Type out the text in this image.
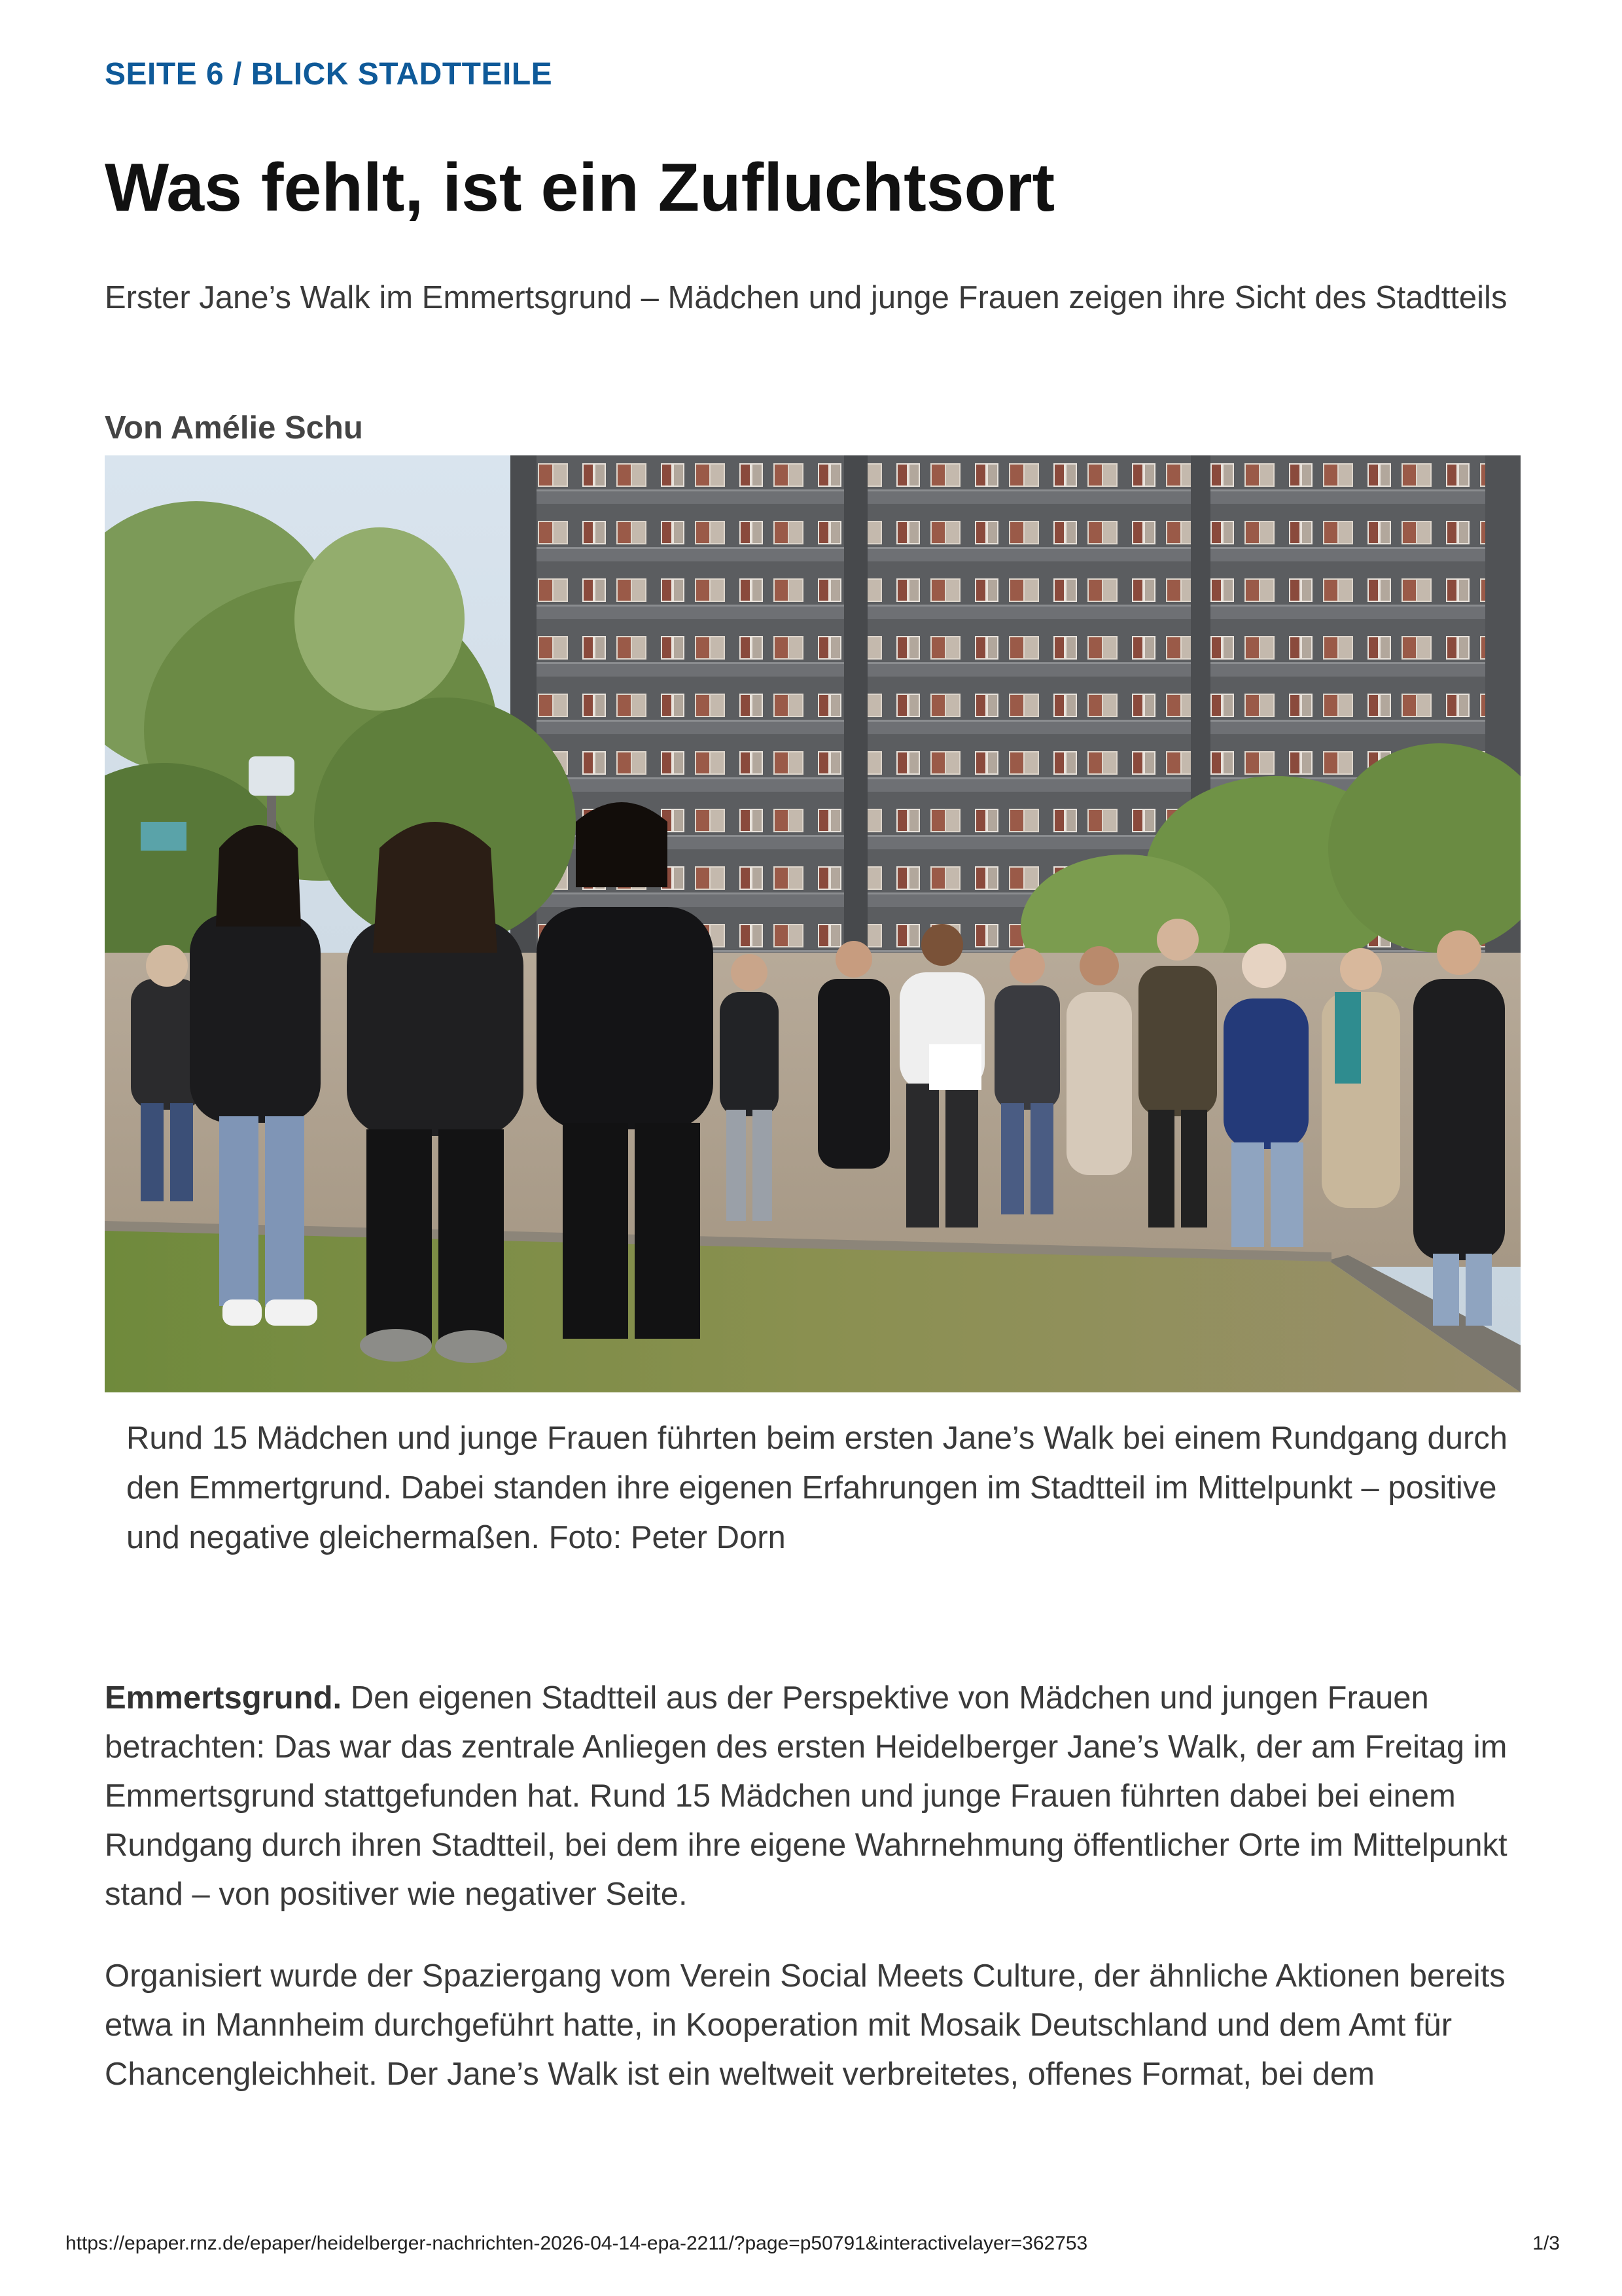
SEITE 6 / BLICK STADTTEILE
Was fehlt, ist ein Zufluchtsort

Erster Jane’s Walk im Emmertsgrund – Mädchen und junge Frauen zeigen ihre Sicht des Stadtteils

Von Amélie Schu

Rund 15 Mädchen und junge Frauen führten beim ersten Jane’s Walk bei einem Rundgang durch den Emmertgrund. Dabei standen ihre eigenen Erfahrungen im Stadtteil im Mittelpunkt – positive und negative gleichermaßen. Foto: Peter Dorn

Emmertsgrund. Den eigenen Stadtteil aus der Perspektive von Mädchen und jungen Frauen betrachten: Das war das zentrale Anliegen des ersten Heidelberger Jane’s Walk, der am Freitag im Emmertsgrund stattgefunden hat. Rund 15 Mädchen und junge Frauen führten dabei bei einem Rundgang durch ihren Stadtteil, bei dem ihre eigene Wahrnehmung öffentlicher Orte im Mittelpunkt stand – von positiver wie negativer Seite.

Organisiert wurde der Spaziergang vom Verein Social Meets Culture, der ähnliche Aktionen bereits etwa in Mannheim durchgeführt hatte, in Kooperation mit Mosaik Deutschland und dem Amt für Chancengleichheit. Der Jane’s Walk ist ein weltweit verbreitetes, offenes Format, bei dem

https://epaper.rnz.de/epaper/heidelberger-nachrichten-2026-04-14-epa-2211/?page=p50791&interactivelayer=362753	1/3
